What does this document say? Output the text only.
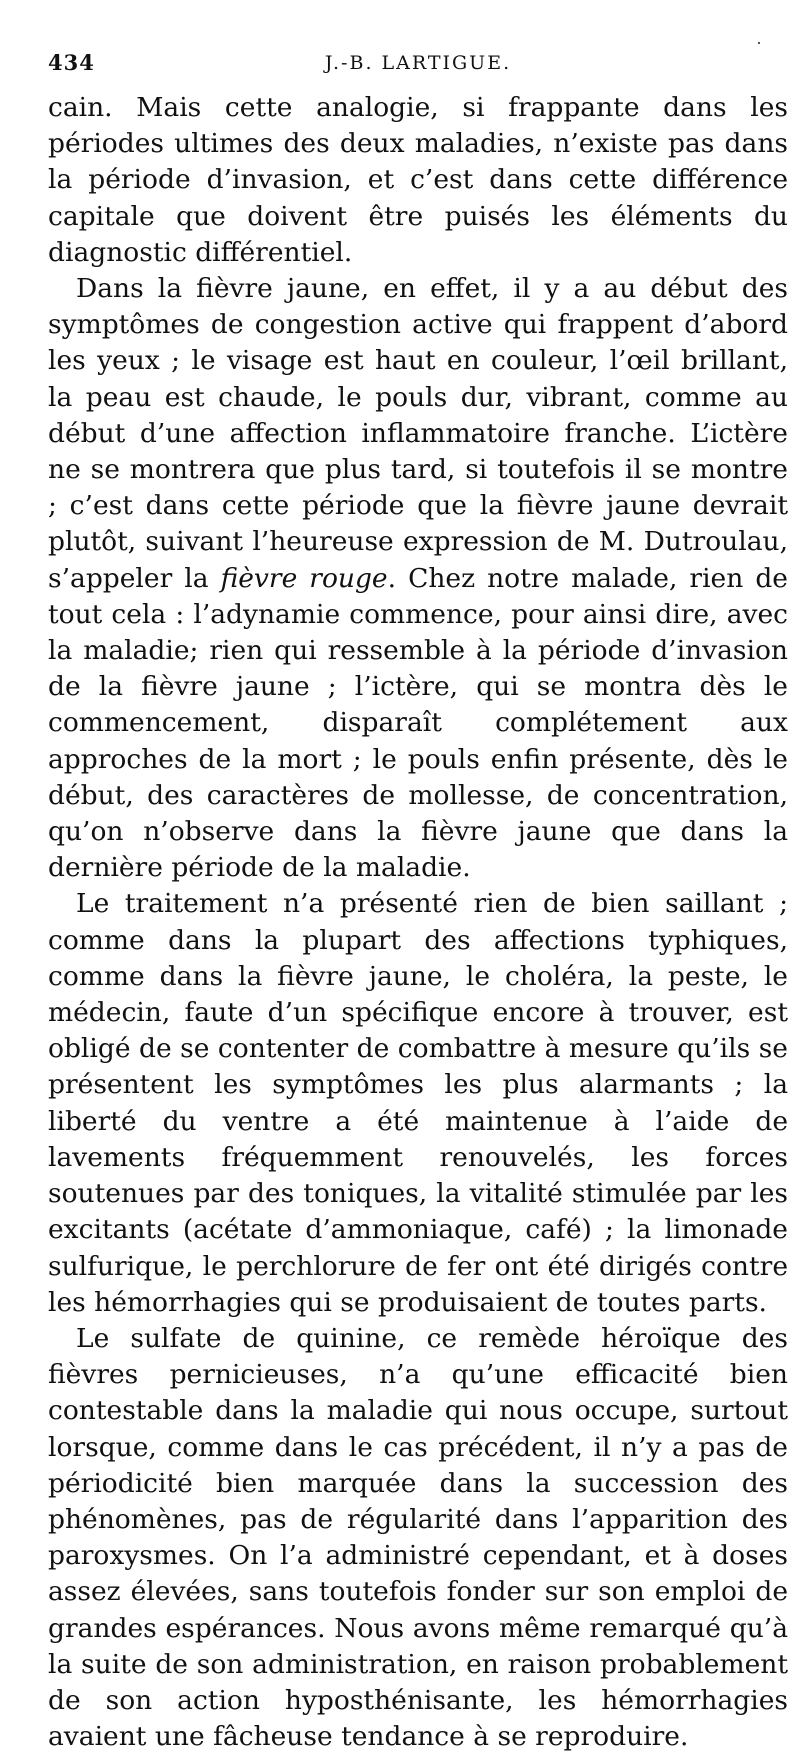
434	J.-B. LARTIGUE.

cain. Mais cette analogie, si frappante dans les périodes ultimes des deux maladies, n’existe pas dans la période d’invasion, et c’est dans cette différence capitale que doivent être puisés les éléments du diagnostic différentiel.

Dans la fièvre jaune, en effet, il y a au début des symptômes de congestion active qui frappent d’abord les yeux ; le visage est haut en couleur, l’œil brillant, la peau est chaude, le pouls dur, vibrant, comme au début d’une affection inflammatoire franche. L’ictère ne se montrera que plus tard, si toutefois il se montre ; c’est dans cette période que la fièvre jaune devrait plutôt, suivant l’heureuse expression de M. Dutroulau, s’appeler la fièvre rouge. Chez notre malade, rien de tout cela : l’adynamie commence, pour ainsi dire, avec la maladie; rien qui ressemble à la période d’invasion de la fièvre jaune ; l’ictère, qui se montra dès le commencement, disparaît complétement aux approches de la mort ; le pouls enfin présente, dès le début, des caractères de mollesse, de concentration, qu’on n’observe dans la fièvre jaune que dans la dernière période de la maladie.

Le traitement n’a présenté rien de bien saillant ; comme dans la plupart des affections typhiques, comme dans la fièvre jaune, le choléra, la peste, le médecin, faute d’un spécifique encore à trouver, est obligé de se contenter de combattre à mesure qu’ils se présentent les symptômes les plus alarmants ; la liberté du ventre a été maintenue à l’aide de lavements fréquemment renouvelés, les forces soutenues par des toniques, la vitalité stimulée par les excitants (acétate d’ammoniaque, café) ; la limonade sulfurique, le perchlorure de fer ont été dirigés contre les hémorrhagies qui se produisaient de toutes parts.

Le sulfate de quinine, ce remède héroïque des fièvres pernicieuses, n’a qu’une efficacité bien contestable dans la maladie qui nous occupe, surtout lorsque, comme dans le cas précédent, il n’y a pas de périodicité bien marquée dans la succession des phénomènes, pas de régularité dans l’apparition des paroxysmes. On l’a administré cependant, et à doses assez élevées, sans toutefois fonder sur son emploi de grandes espérances. Nous avons même remarqué qu’à la suite de son administration, en raison probablement de son action hyposthénisante, les hémorrhagies avaient une fâcheuse tendance à se reproduire.
